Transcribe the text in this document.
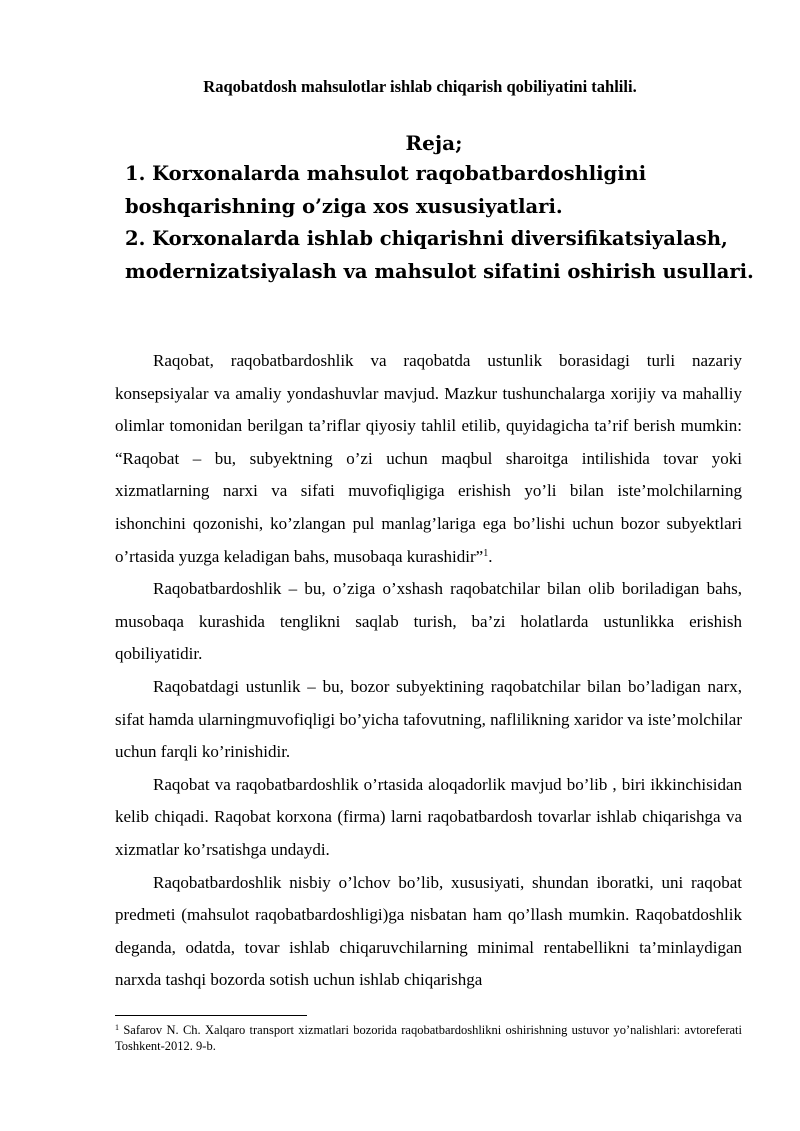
Raqobatdosh mahsulotlar ishlab chiqarish qobiliyatini tahlili.
Reja;
1. Korxonalarda mahsulot raqobatbardoshligini
boshqarishning o’ziga xos xususiyatlari.
2. Korxonalarda ishlab chiqarishni diversifikatsiyalash,
modernizatsiyalash va mahsulot sifatini oshirish usullari.

Raqobat, raqobatbardoshlik va raqobatda ustunlik borasidagi turli nazariy konsepsiyalar va amaliy yondashuvlar mavjud. Mazkur tushunchalarga xorijiy va mahalliy olimlar tomonidan berilgan ta’riflar qiyosiy tahlil etilib, quyidagicha ta’rif berish mumkin: “Raqobat – bu, subyektning o’zi uchun maqbul sharoitga intilishida tovar yoki xizmatlarning narxi va sifati muvofiqligiga erishish yo’li bilan iste’molchilarning ishonchini qozonishi, ko’zlangan pul manlag’lariga ega bo’lishi uchun bozor subyektlari o’rtasida yuzga keladigan bahs, musobaqa kurashidir”$^1$.

Raqobatbardoshlik – bu, o’ziga o’xshash raqobatchilar bilan olib boriladigan bahs, musobaqa kurashida tenglikni saqlab turish, ba’zi holatlarda ustunlikka erishish qobiliyatidir.

Raqobatdagi ustunlik – bu, bozor subyektining raqobatchilar bilan bo’ladigan narx, sifat hamda ularningmuvofiqligi bo’yicha tafovutning, naflilikning xaridor va iste’molchilar uchun farqli ko’rinishidir.

Raqobat va raqobatbardoshlik o’rtasida aloqadorlik mavjud bo’lib , biri ikkinchisidan kelib chiqadi. Raqobat korxona (firma) larni raqobatbardosh tovarlar ishlab chiqarishga va xizmatlar ko’rsatishga undaydi.

Raqobatbardoshlik nisbiy o’lchov bo’lib, xususiyati, shundan iboratki, uni raqobat predmeti (mahsulot raqobatbardoshligi)ga nisbatan ham qo’llash mumkin. Raqobatdoshlik deganda, odatda, tovar ishlab chiqaruvchilarning minimal rentabellikni ta’minlaydigan narxda tashqi bozorda sotish uchun ishlab chiqarishga

$^1$ Safarov N. Ch. Xalqaro transport xizmatlari bozorida raqobatbardoshlikni oshirishning ustuvor yo’nalishlari: avtoreferati Toshkent-2012. 9-b.
